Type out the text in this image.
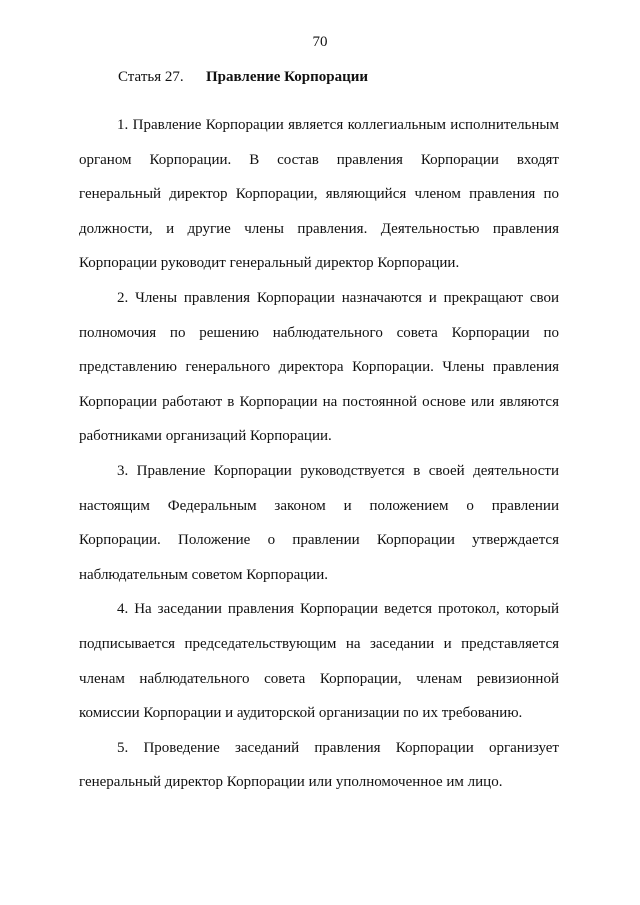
70
Статья 27. Правление Корпорации

1. Правление Корпорации является коллегиальным исполнительным органом Корпорации. В состав правления Корпорации входят генеральный директор Корпорации, являющийся членом правления по должности, и другие члены правления. Деятельностью правления Корпорации руководит генеральный директор Корпорации.

2. Члены правления Корпорации назначаются и прекращают свои полномочия по решению наблюдательного совета Корпорации по представлению генерального директора Корпорации. Члены правления Корпорации работают в Корпорации на постоянной основе или являются работниками организаций Корпорации.

3. Правление Корпорации руководствуется в своей деятельности настоящим Федеральным законом и положением о правлении Корпорации. Положение о правлении Корпорации утверждается наблюдательным советом Корпорации.

4. На заседании правления Корпорации ведется протокол, который подписывается председательствующим на заседании и представляется членам наблюдательного совета Корпорации, членам ревизионной комиссии Корпорации и аудиторской организации по их требованию.

5. Проведение заседаний правления Корпорации организует генеральный директор Корпорации или уполномоченное им лицо.
